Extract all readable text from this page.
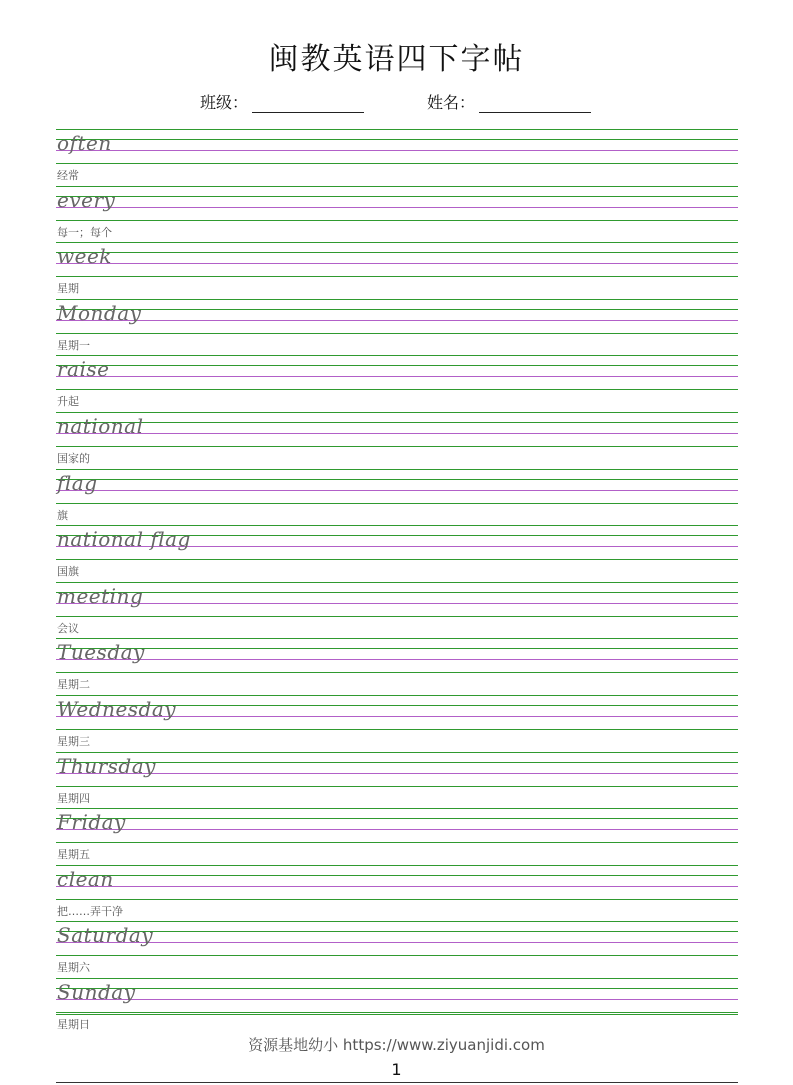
闽教英语四下字帖
班级：	姓名：
often
经常
every
每一；每个
week
星期
Monday
星期一
raise
升起
national
国家的
flag
旗
national flag
国旗
meeting
会议
Tuesday
星期二
Wednesday
星期三
Thursday
星期四
Friday
星期五
clean
把……弄干净
Saturday
星期六
Sunday
星期日
资源基地幼小 https://www.ziyuanjidi.com
1
